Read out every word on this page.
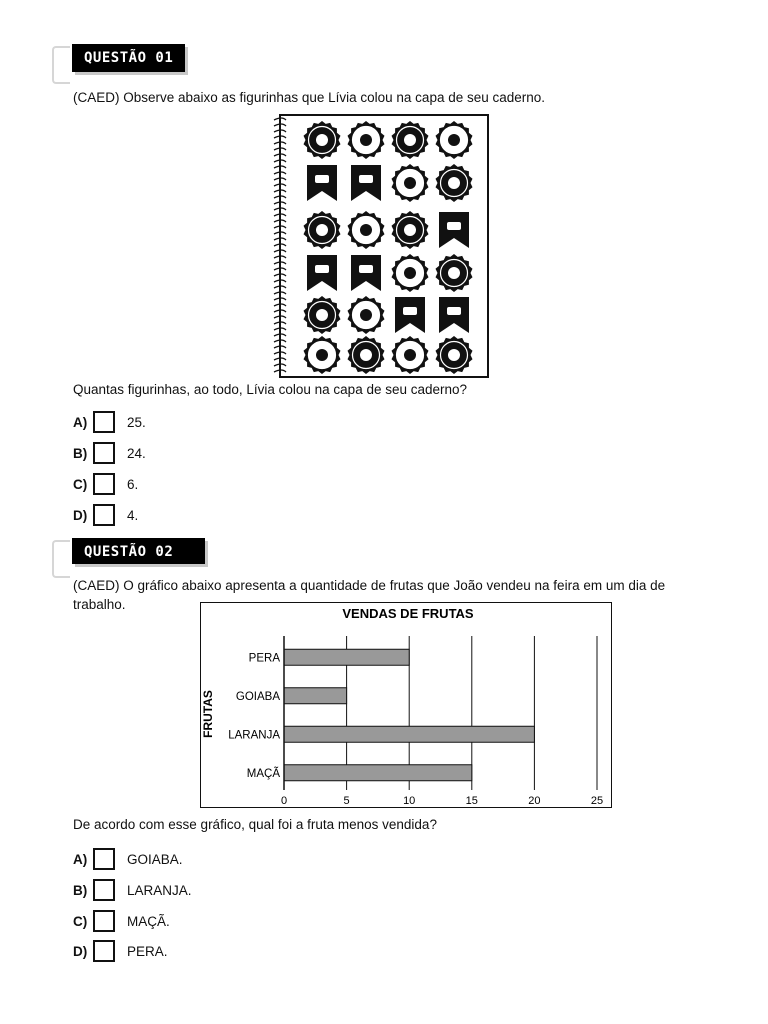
QUESTÃO 01
(CAED) Observe abaixo as figurinhas que Lívia colou na capa de seu caderno.
Quantas figurinhas, ao todo, Lívia colou na capa de seu caderno?
A)	25.
B)	24.
C)	6.
D)	4.
QUESTÃO 02
(CAED) O gráfico abaixo apresenta a quantidade de frutas que João vendeu na feira em um dia de
trabalho.
VENDAS DE FRUTAS
FRUTAS
PERA
GOIABA
LARANJA
MAÇÃ
0	5	10	15	20	25
De acordo com esse gráfico, qual foi a fruta menos vendida?
A)	GOIABA.
B)	LARANJA.
C)	MAÇÃ.
D)	PERA.
